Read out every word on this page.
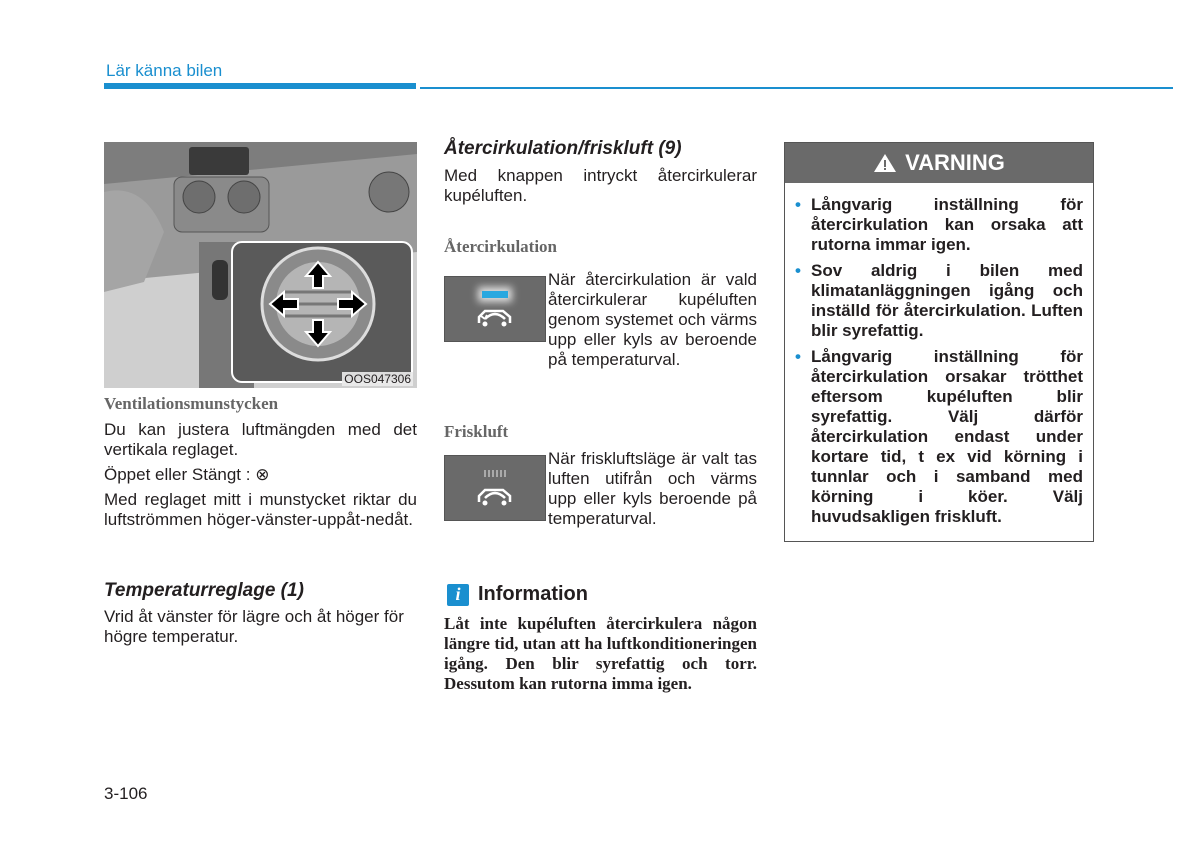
Lär känna bilen
OOS047306
Ventilationsmunstycken

Du kan justera luftmängden med det vertikala reglaget.

Öppet eller Stängt : ⊗

Med reglaget mitt i munstycket riktar du luftströmmen höger-vänster-uppåt-nedåt.

Temperaturreglage (1)

Vrid åt vänster för lägre och åt höger för högre temperatur.

Återcirkulation/friskluft (9)

Med knappen intryckt återcirkulerar kupéluften.

Återcirkulation

När återcirkulation är vald återcirkulerar kupéluften genom systemet och värms upp eller kyls av beroende på temperaturval.

Friskluft

När friskluftsläge är valt tas luften utifrån och värms upp eller kyls beroende på temperaturval.

i Information

Låt inte kupéluften återcirkulera någon längre tid, utan att ha luftkonditioneringen igång. Den blir syrefattig och torr. Dessutom kan rutorna imma igen.

VARNING
• Långvarig inställning för återcirkulation kan orsaka att rutorna immar igen.
• Sov aldrig i bilen med klimatanläggningen igång och inställd för återcirkulation. Luften blir syrefattig.
• Långvarig inställning för återcirkulation orsakar trötthet eftersom kupéluften blir syrefattig. Välj därför återcirkulation endast under kortare tid, t ex vid körning i tunnlar och i samband med körning i köer. Välj huvudsakligen friskluft.
3-106
